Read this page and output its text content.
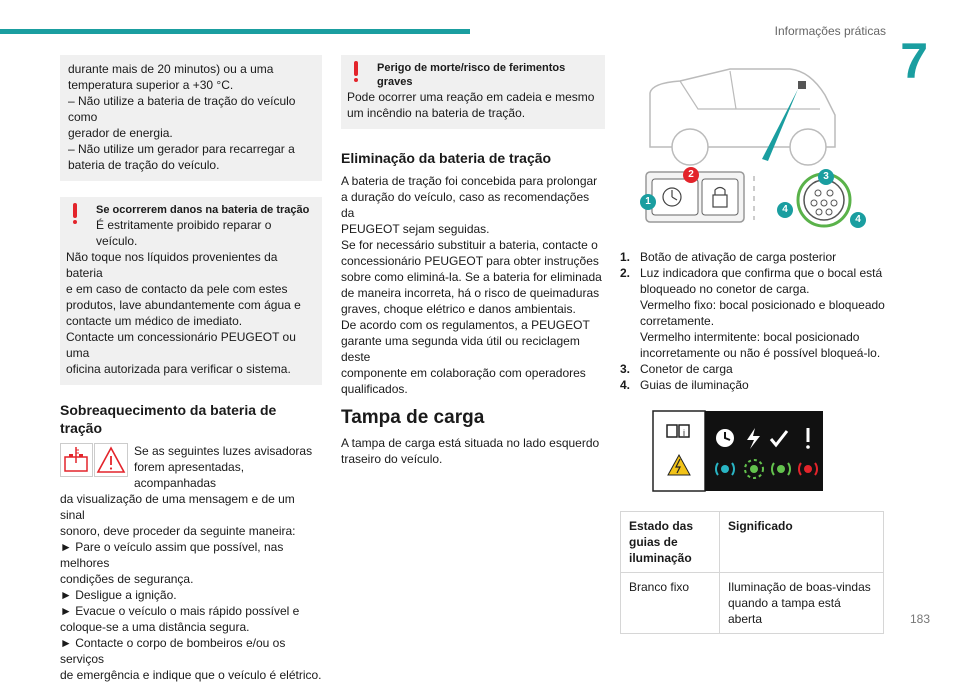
Informações práticas
7

durante mais de 20 minutos) ou a uma

temperatura superior a +30 °C.

– Não utilize a bateria de tração do veículo como

gerador de energia.

– Não utilize um gerador para recarregar a

bateria de tração do veículo.

Se ocorrerem danos na bateria de tração

É estritamente proibido reparar o veículo.

Não toque nos líquidos provenientes da bateria

e em caso de contacto da pele com estes

produtos, lave abundantemente com água e

contacte um médico de imediato.

Contacte um concessionário PEUGEOT ou uma

oficina autorizada para verificar o sistema.

Sobreaquecimento da bateria de tração

Se as seguintes luzes avisadoras

forem apresentadas, acompanhadas

da visualização de uma mensagem e de um sinal

sonoro, deve proceder da seguinte maneira:

► Pare o veículo assim que possível, nas melhores

condições de segurança.

► Desligue a ignição.

► Evacue o veículo o mais rápido possível e

coloque-se a uma distância segura.

► Contacte o corpo de bombeiros e/ou os serviços

de emergência e indique que o veículo é elétrico.

Perigo de morte/risco de ferimentos

graves

Pode ocorrer uma reação em cadeia e mesmo

um incêndio na bateria de tração.

Eliminação da bateria de tração

A bateria de tração foi concebida para prolongar

a duração do veículo, caso as recomendações da

PEUGEOT sejam seguidas.

Se for necessário substituir a bateria, contacte o

concessionário PEUGEOT para obter instruções

sobre como eliminá-la. Se a bateria for eliminada

de maneira incorreta, há o risco de queimaduras

graves, choque elétrico e danos ambientais.

De acordo com os regulamentos, a PEUGEOT

garante uma segunda vida útil ou reciclagem deste

componente em colaboração com operadores

qualificados.

Tampa de carga

A tampa de carga está situada no lado esquerdo

traseiro do veículo.

1
2	3
4
4
1. Botão de ativação de carga posterior

2. Luz indicadora que confirma que o bocal está

bloqueado no conetor de carga.

Vermelho fixo: bocal posicionado e bloqueado

corretamente.

Vermelho intermitente: bocal posicionado

incorretamente ou não é possível bloqueá-lo.

3. Conetor de carga

4. Guias de iluminação

i

Estado das

guias de

iluminação	Significado
Branco fixo	Iluminação de boas-vindas

quando a tampa está aberta	183
